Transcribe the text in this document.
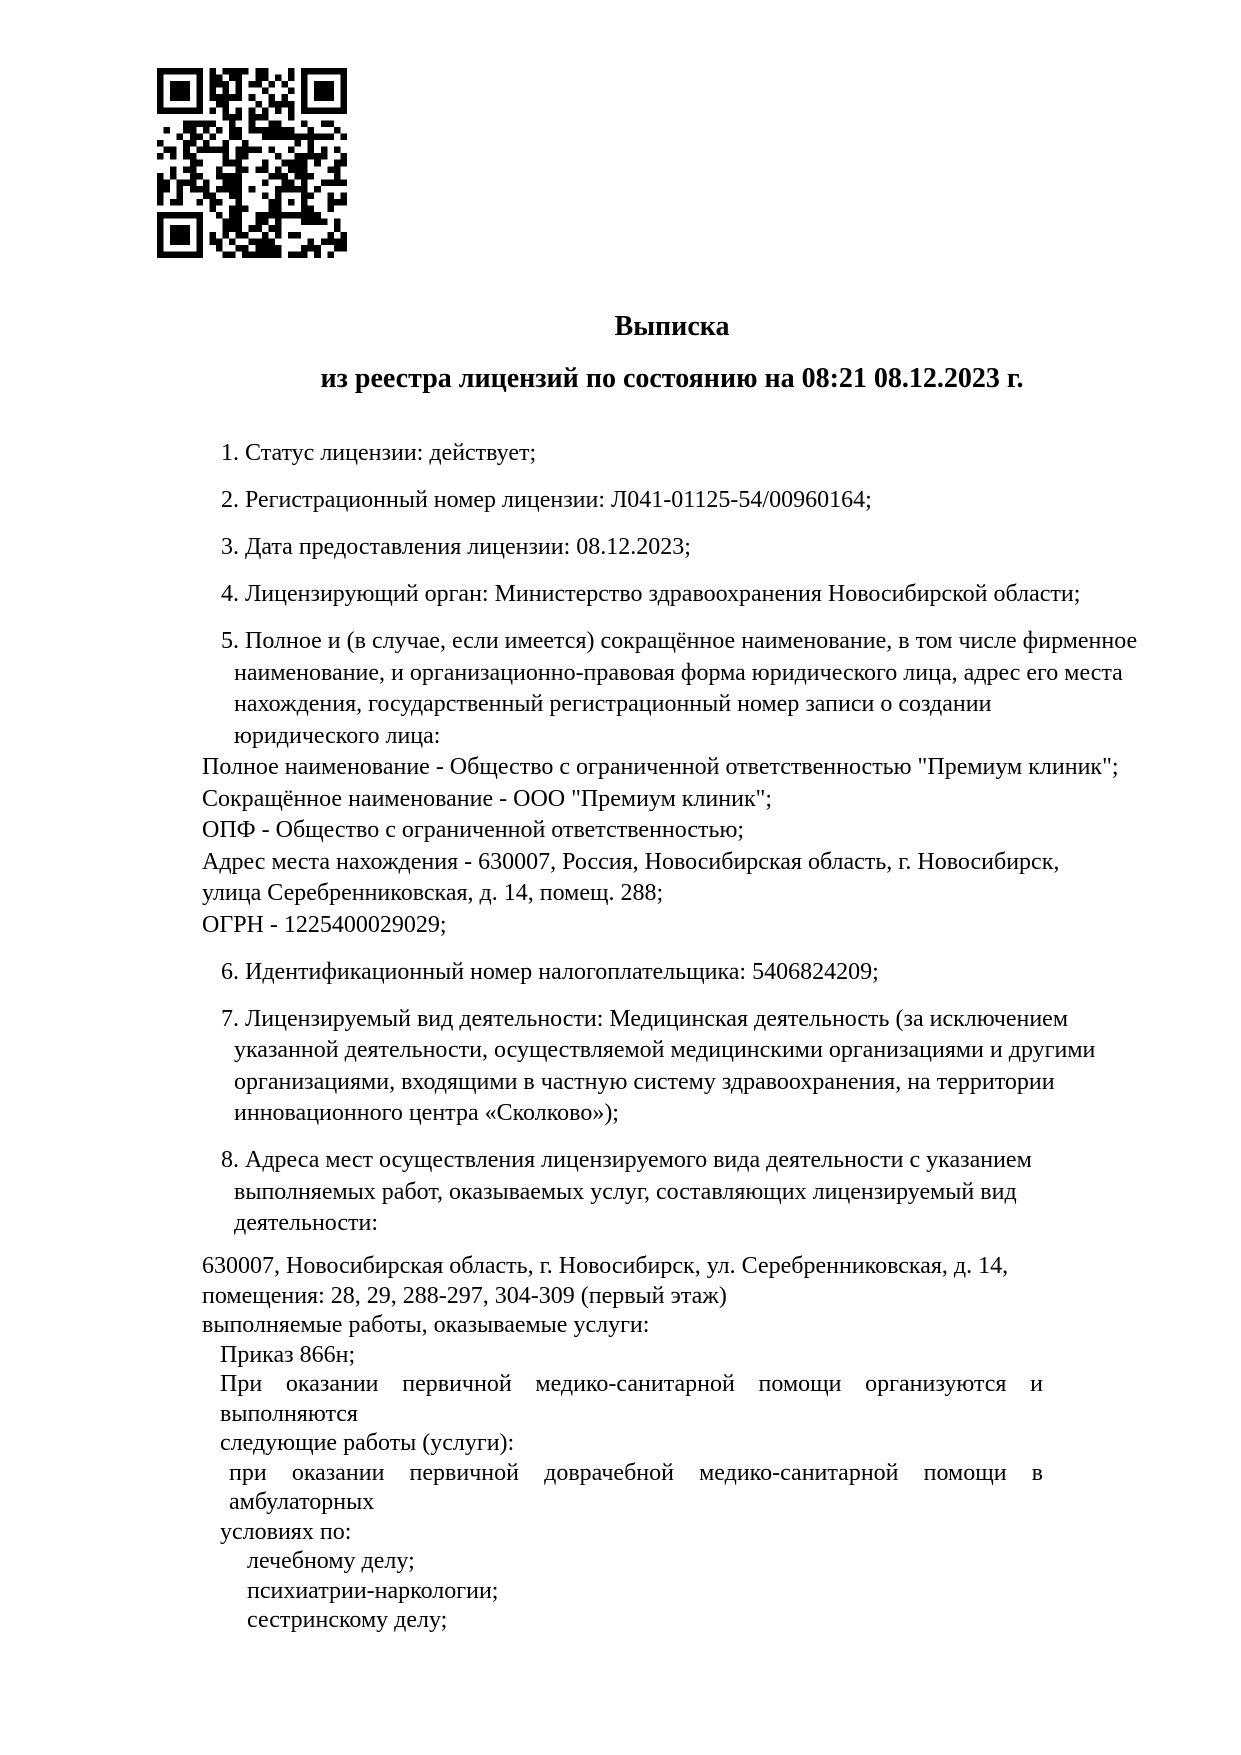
Выписка
из реестра лицензий по состоянию на 08:21 08.12.2023 г.
1. Статус лицензии: действует;
2. Регистрационный номер лицензии: Л041-01125-54/00960164;
3. Дата предоставления лицензии: 08.12.2023;
4. Лицензирующий орган: Министерство здравоохранения Новосибирской области;
5. Полное и (в случае, если имеется) сокращённое наименование, в том числе фирменное
наименование, и организационно-правовая форма юридического лица, адрес его места
нахождения, государственный регистрационный номер записи о создании
юридического лица:
Полное наименование - Общество с ограниченной ответственностью "Премиум клиник";
Сокращённое наименование - ООО "Премиум клиник";
ОПФ - Общество с ограниченной ответственностью;
Адрес места нахождения - 630007, Россия, Новосибирская область, г. Новосибирск,
улица Серебренниковская, д. 14, помещ. 288;
ОГРН - 1225400029029;
6. Идентификационный номер налогоплательщика: 5406824209;
7. Лицензируемый вид деятельности: Медицинская деятельность (за исключением
указанной деятельности, осуществляемой медицинскими организациями и другими
организациями, входящими в частную систему здравоохранения, на территории
инновационного центра «Сколково»);
8. Адреса мест осуществления лицензируемого вида деятельности с указанием
выполняемых работ, оказываемых услуг, составляющих лицензируемый вид
деятельности:
630007, Новосибирская область, г. Новосибирск, ул. Серебренниковская, д. 14,
помещения: 28, 29, 288-297, 304-309 (первый этаж)
выполняемые работы, оказываемые услуги:
Приказ 866н;
При оказании первичной медико-санитарной помощи организуются и выполняются
следующие работы (услуги):
при оказании первичной доврачебной медико-санитарной помощи в амбулаторных
условиях по:
лечебному делу;
психиатрии-наркологии;
сестринскому делу;
